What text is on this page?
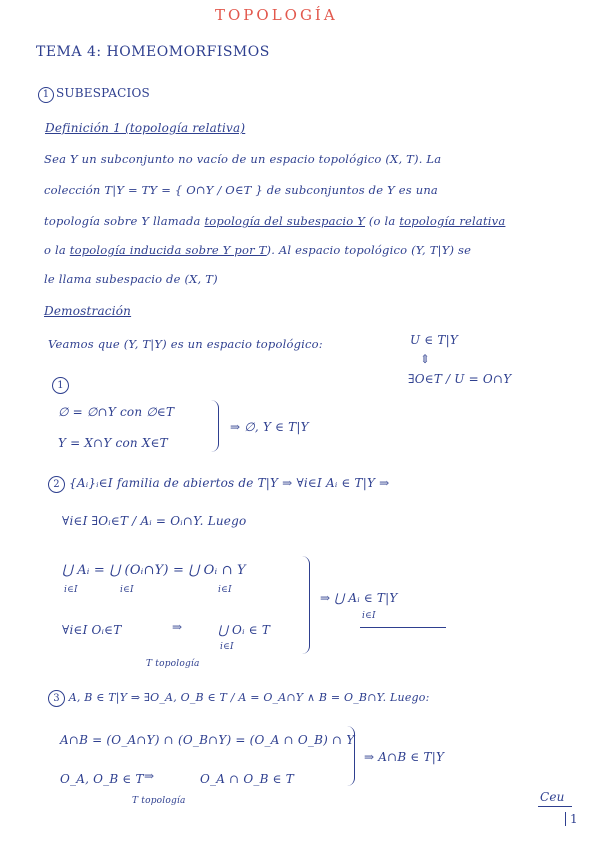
TOPOLOGÍA
TEMA 4: HOMEOMORFISMOS
1 SUBESPACIOS
Definición 1 (topología relativa)
Sea Y un subconjunto no vacío de un espacio topológico (X, T). La
colección T|Y = TY = { O∩Y / O∈T } de subconjuntos de Y es una
topología sobre Y llamada topología del subespacio Y (o la topología relativa
o la topología inducida sobre Y por T). Al espacio topológico (Y, T|Y) se
le llama subespacio de (X, T)
Demostración
Veamos que (Y, T|Y) es un espacio topológico:	U ∈ T|Y
⇕
∃O∈T / U = O∩Y
1
∅ = ∅∩Y con ∅∈T
Y = X∩Y con X∈T
⇒ ∅, Y ∈ T|Y
2 {Aᵢ}ᵢ∈I familia de abiertos de T|Y ⇒ ∀i∈I Aᵢ ∈ T|Y ⇒
∀i∈I ∃Oᵢ∈T / Aᵢ = Oᵢ∩Y. Luego
⋃ Aᵢ = ⋃ (Oᵢ∩Y) = ⋃ Oᵢ ∩ Y
i∈I	i∈I	i∈I
∀i∈I Oᵢ∈T	⇒	⋃ Oᵢ ∈ T
i∈I
T topología
⇒ ⋃ Aᵢ ∈ T|Y
i∈I
3 A, B ∈ T|Y ⇒ ∃O_A, O_B ∈ T / A = O_A∩Y ∧ B = O_B∩Y. Luego:
A∩B = (O_A∩Y) ∩ (O_B∩Y) = (O_A ∩ O_B) ∩ Y
O_A, O_B ∈ T ⇒	O_A ∩ O_B ∈ T
T topología
⇒ A∩B ∈ T|Y
Ceu
1
